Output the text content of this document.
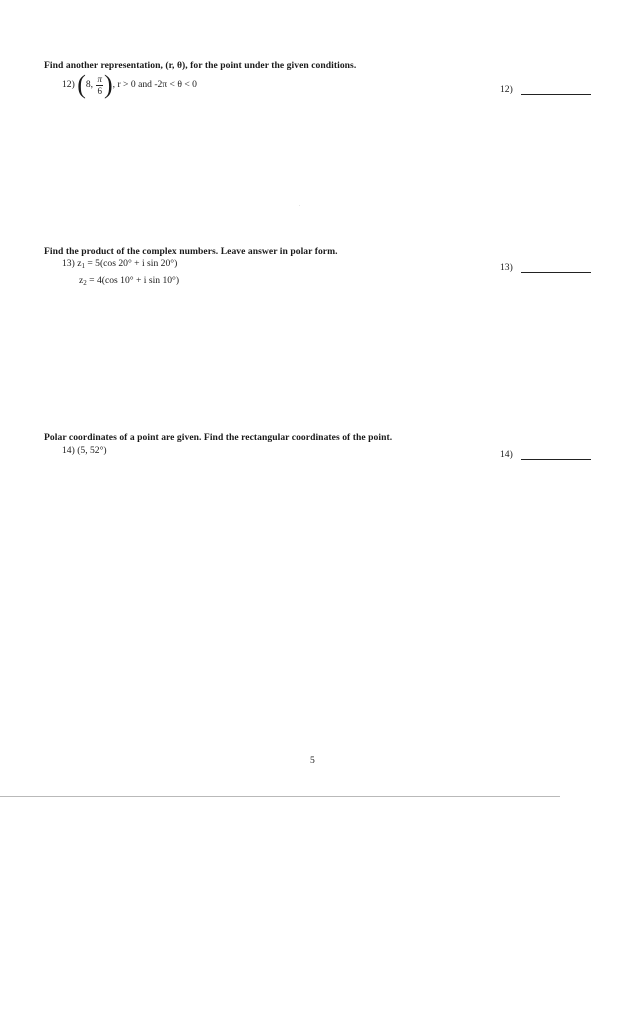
Find another representation, (r, θ), for the point under the given conditions.
12) (8, $\frac{\pi}{6}$ ), r > 0 and -2π < θ < 0	12)
Find the product of the complex numbers. Leave answer in polar form.
13) $z_1 = 5(\cos$ 20° + i sin 20°)
$z_2 = 4(\cos$ 10° + i sin 10°)
13)
Polar coordinates of a point are given. Find the rectangular coordinates of the point.
14) (5, 52°)	14)
5
